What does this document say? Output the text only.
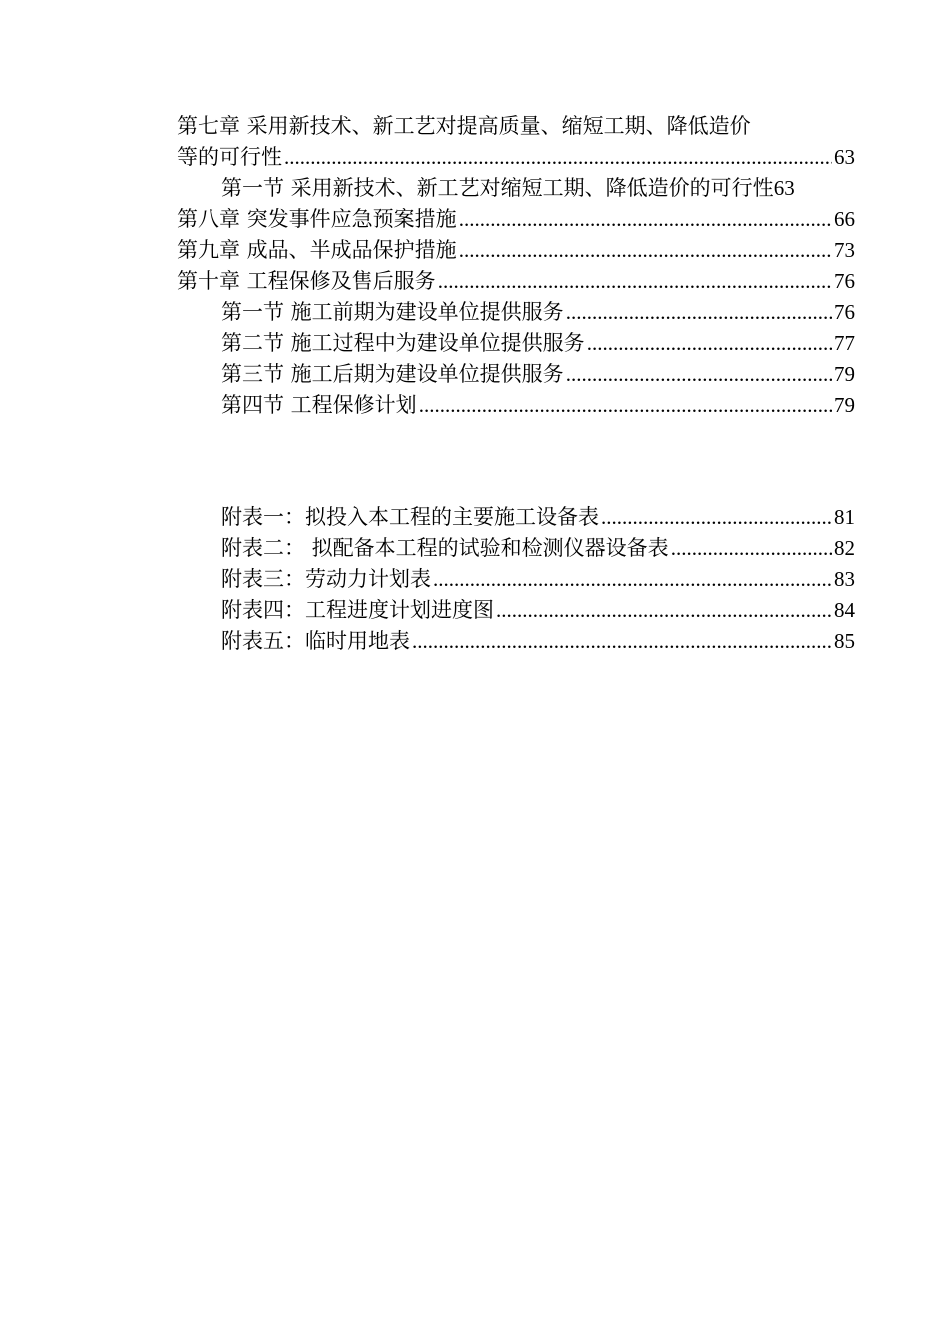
第七章 采用新技术、新工艺对提高质量、缩短工期、降低造价
等的可行性 .....	63
第一节 采用新技术、新工艺对缩短工期、降低造价的可行性 63
第八章 突发事件应急预案措施 .....	66
第九章 成品、半成品保护措施 .....	73
第十章 工程保修及售后服务 .....	76
第一节 施工前期为建设单位提供服务 .....	76
第二节 施工过程中为建设单位提供服务 .....	77
第三节 施工后期为建设单位提供服务 .....	79
第四节 工程保修计划 .....	79
附表一：拟投入本工程的主要施工设备表 .....	81
附表二： 拟配备本工程的试验和检测仪器设备表 .....	82
附表三：劳动力计划表 .....	83
附表四：工程进度计划进度图 .....	84
附表五：临时用地表 .....	85
